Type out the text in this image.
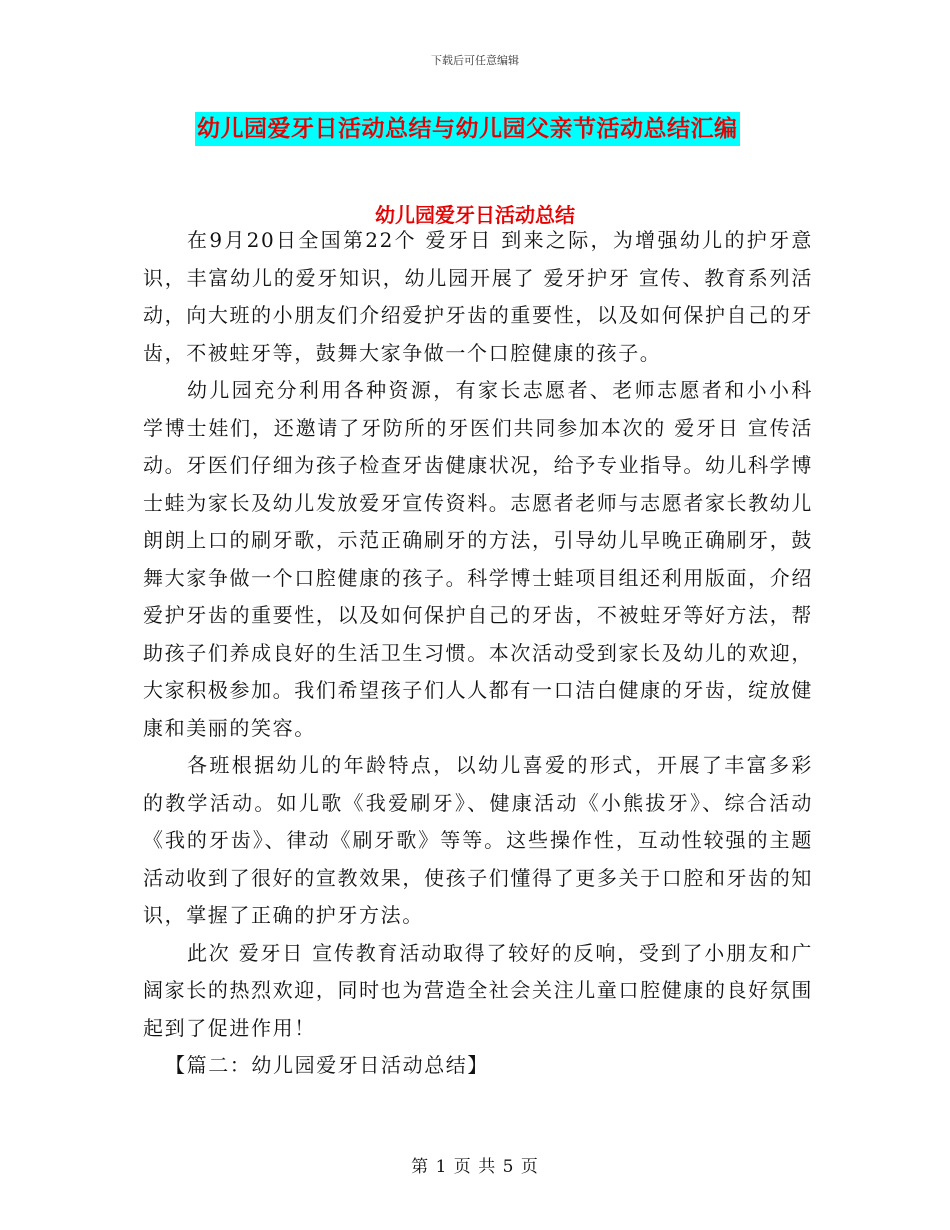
下载后可任意编辑
幼儿园爱牙日活动总结与幼儿园父亲节活动总结汇编
幼儿园爱牙日活动总结

在9月20日全国第22个 爱牙日 到来之际，为增强幼儿的护牙意识，丰富幼儿的爱牙知识，幼儿园开展了 爱牙护牙 宣传、教育系列活动，向大班的小朋友们介绍爱护牙齿的重要性，以及如何保护自己的牙齿，不被蛀牙等，鼓舞大家争做一个口腔健康的孩子。

幼儿园充分利用各种资源，有家长志愿者、老师志愿者和小小科学博士娃们，还邀请了牙防所的牙医们共同参加本次的 爱牙日 宣传活动。牙医们仔细为孩子检查牙齿健康状况，给予专业指导。幼儿科学博士蛙为家长及幼儿发放爱牙宣传资料。志愿者老师与志愿者家长教幼儿朗朗上口的刷牙歌，示范正确刷牙的方法，引导幼儿早晚正确刷牙，鼓舞大家争做一个口腔健康的孩子。科学博士蛙项目组还利用版面，介绍爱护牙齿的重要性，以及如何保护自己的牙齿，不被蛀牙等好方法，帮助孩子们养成良好的生活卫生习惯。本次活动受到家长及幼儿的欢迎，大家积极参加。我们希望孩子们人人都有一口洁白健康的牙齿，绽放健康和美丽的笑容。

各班根据幼儿的年龄特点，以幼儿喜爱的形式，开展了丰富多彩的教学活动。如儿歌《我爱刷牙》、健康活动《小熊拔牙》、综合活动《我的牙齿》、律动《刷牙歌》等等。这些操作性，互动性较强的主题活动收到了很好的宣教效果，使孩子们懂得了更多关于口腔和牙齿的知识，掌握了正确的护牙方法。

此次 爱牙日 宣传教育活动取得了较好的反响，受到了小朋友和广阔家长的热烈欢迎，同时也为营造全社会关注儿童口腔健康的良好氛围起到了促进作用！

【篇二：幼儿园爱牙日活动总结】

第 1 页 共 5 页
